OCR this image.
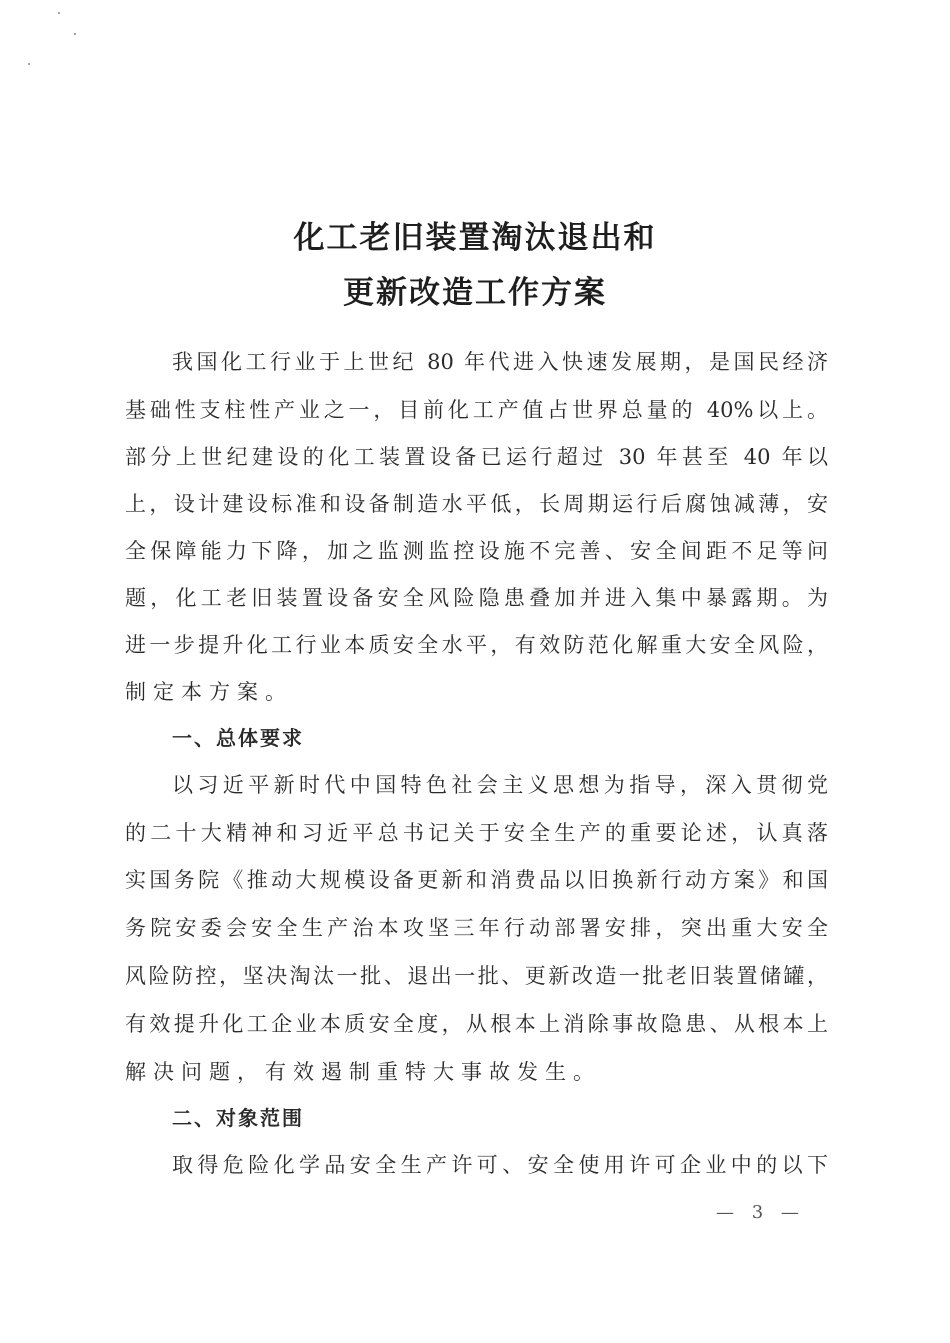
化工老旧装置淘汰退出和
更新改造工作方案
我国化工行业于上世纪 80 年代进入快速发展期，是国民经济
基础性支柱性产业之一，目前化工产值占世界总量的 40%以上。
部分上世纪建设的化工装置设备已运行超过 30 年甚至 40 年以
上，设计建设标准和设备制造水平低，长周期运行后腐蚀减薄，安
全保障能力下降，加之监测监控设施不完善、安全间距不足等问
题，化工老旧装置设备安全风险隐患叠加并进入集中暴露期。为
进一步提升化工行业本质安全水平，有效防范化解重大安全风险，
制定本方案。
一、总体要求
以习近平新时代中国特色社会主义思想为指导，深入贯彻党
的二十大精神和习近平总书记关于安全生产的重要论述，认真落
实国务院《推动大规模设备更新和消费品以旧换新行动方案》和国
务院安委会安全生产治本攻坚三年行动部署安排，突出重大安全
风险防控，坚决淘汰一批、退出一批、更新改造一批老旧装置储罐，
有效提升化工企业本质安全度，从根本上消除事故隐患、从根本上
解决问题，有效遏制重特大事故发生。
二、对象范围
取得危险化学品安全生产许可、安全使用许可企业中的以下
— 3 —
